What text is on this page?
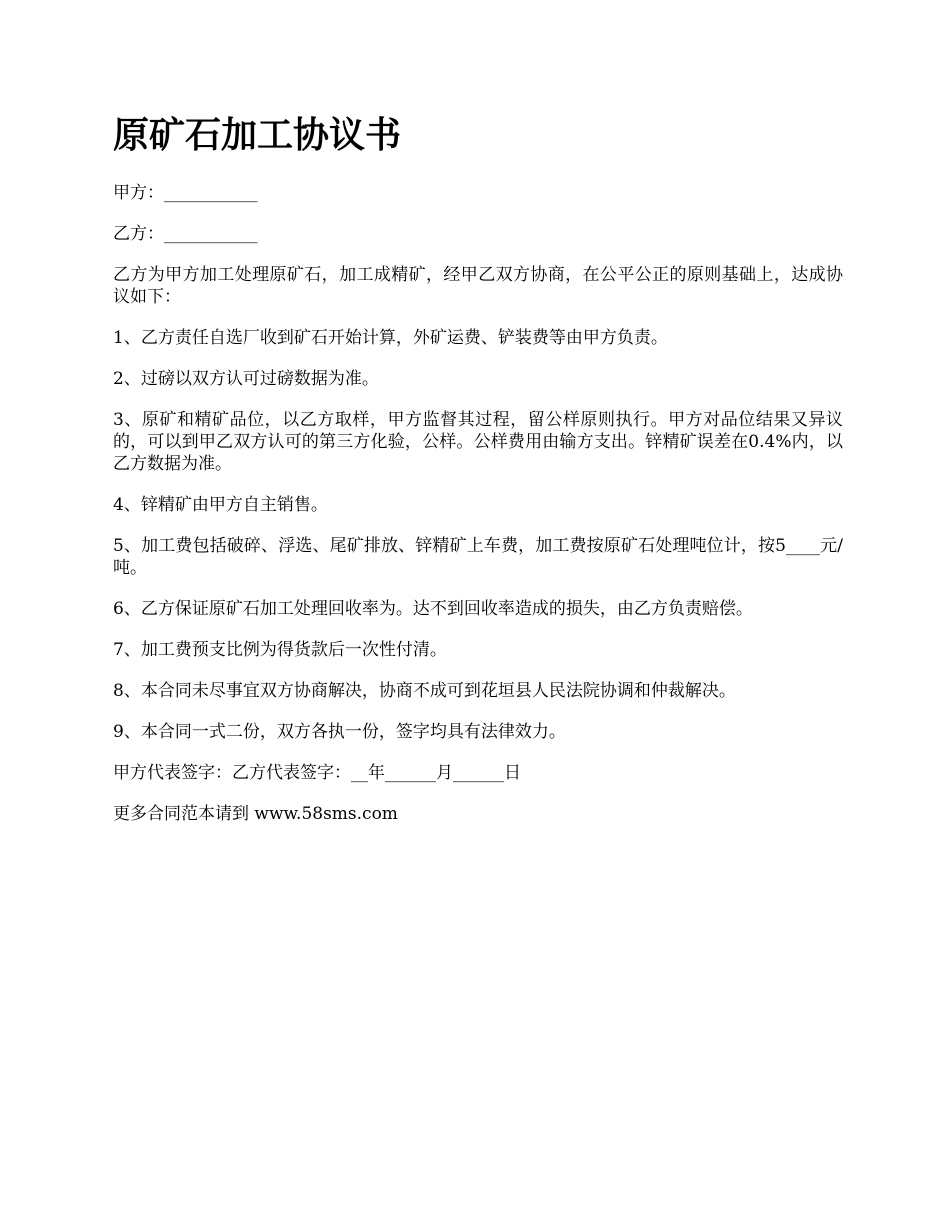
原矿石加工协议书

甲方：___________

乙方：___________

乙方为甲方加工处理原矿石，加工成精矿，经甲乙双方协商，在公平公正的原则基础上，达成协议如下：

1、乙方责任自选厂收到矿石开始计算，外矿运费、铲装费等由甲方负责。

2、过磅以双方认可过磅数据为准。

3、原矿和精矿品位，以乙方取样，甲方监督其过程，留公样原则执行。甲方对品位结果又异议的，可以到甲乙双方认可的第三方化验，公样。公样费用由输方支出。锌精矿误差在0.4%内，以乙方数据为准。

4、锌精矿由甲方自主销售。

5、加工费包括破碎、浮选、尾矿排放、锌精矿上车费，加工费按原矿石处理吨位计，按5____元/吨。

6、乙方保证原矿石加工处理回收率为。达不到回收率造成的损失，由乙方负责赔偿。

7、加工费预支比例为得货款后一次性付清。

8、本合同未尽事宜双方协商解决，协商不成可到花垣县人民法院协调和仲裁解决。

9、本合同一式二份，双方各执一份，签字均具有法律效力。

甲方代表签字：乙方代表签字：__年______月______日

更多合同范本请到 www.58sms.com
